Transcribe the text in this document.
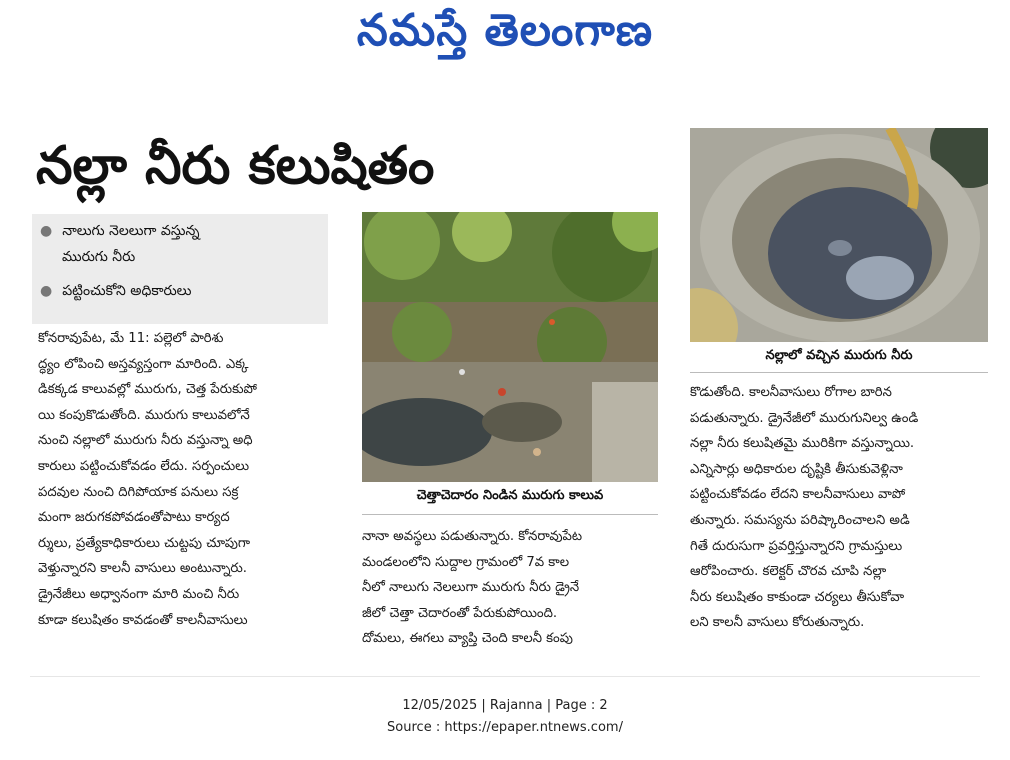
నమస్తే తెలంగాణ
నల్లా నీరు కలుషితం
● నాలుగు నెలలుగా వస్తున్న
మురుగు నీరు
● పట్టించుకోని అధికారులు
కోనరావుపేట, మే 11: పల్లెలో పారిశు
ద్ధ్యం లోపించి అస్తవ్యస్తంగా మారింది. ఎక్క
డికక్కడ కాలువల్లో మురుగు, చెత్త పేరుకుపో
యి కంపుకొడుతోంది. మురుగు కాలువలోనే
నుంచి నల్లాలో మురుగు నీరు వస్తున్నా అధి
కారులు పట్టించుకోవడం లేదు. సర్పంచులు
పదవుల నుంచి దిగిపోయాక పనులు సక్ర
మంగా జరుగకపోవడంతోపాటు కార్యద
ర్శులు, ప్రత్యేకాధికారులు చుట్టపు చూపుగా
వెళ్తున్నారని కాలనీ వాసులు అంటున్నారు.
డ్రైనేజీలు అధ్వానంగా మారి మంచి నీరు
కూడా కలుషితం కావడంతో కాలనీవాసులు
చెత్తాచెదారం నిండిన మురుగు కాలువ
నానా అవస్థలు పడుతున్నారు. కోనరావుపేట
మండలంలోని సుద్దాల గ్రామంలో 7వ కాల
నీలో నాలుగు నెలలుగా మురుగు నీరు డ్రైనే
జీలో చెత్తా చెదారంతో పేరుకుపోయింది.
దోమలు, ఈగలు వ్యాప్తి చెంది కాలనీ కంపు
నల్లాలో వచ్చిన మురుగు నీరు
కొడుతోంది. కాలనీవాసులు రోగాల బారిన
పడుతున్నారు. డ్రైనేజీలో మురుగునిల్వ ఉండి
నల్లా నీరు కలుషితమై మురికిగా వస్తున్నాయి.
ఎన్నిసార్లు అధికారుల దృష్టికి తీసుకువెళ్లినా
పట్టించుకోవడం లేదని కాలనీవాసులు వాపో
తున్నారు. సమస్యను పరిష్కారించాలని అడి
గితే దురుసుగా ప్రవర్తిస్తున్నారని గ్రామస్తులు
ఆరోపించారు. కలెక్టర్ చొరవ చూపి నల్లా
నీరు కలుషితం కాకుండా చర్యలు తీసుకోవా
లని కాలనీ వాసులు కోరుతున్నారు.
12/05/2025 | Rajanna | Page : 2
Source : https://epaper.ntnews.com/
